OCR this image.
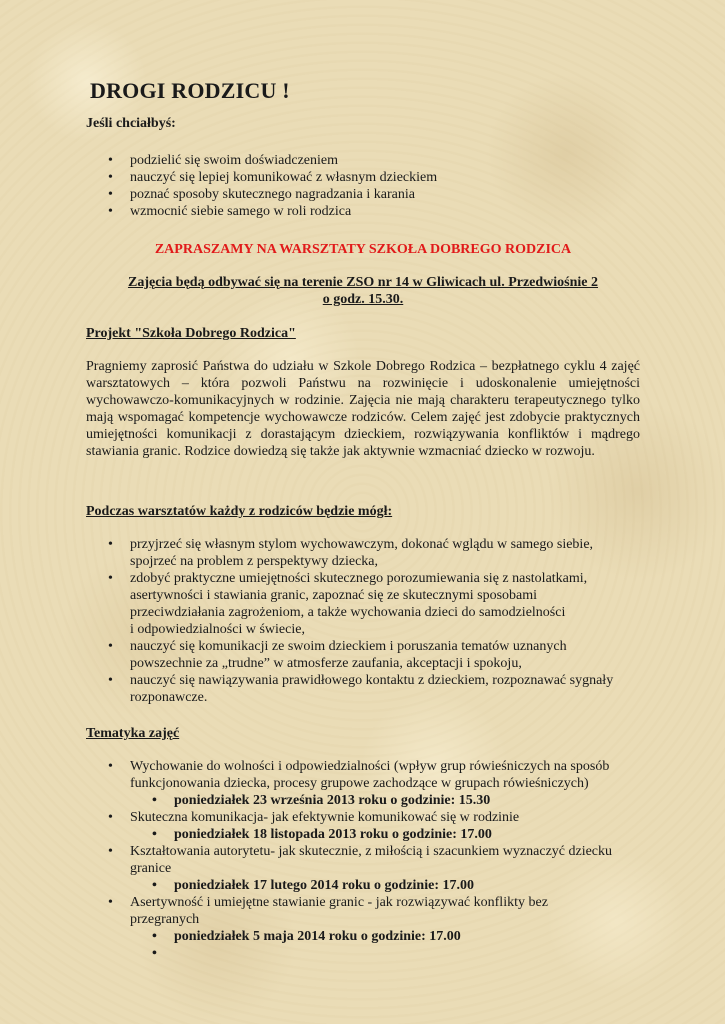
DROGI RODZICU !
Jeśli chciałbyś:
• podzielić się swoim doświadczeniem
• nauczyć się lepiej komunikować z własnym dzieckiem
• poznać sposoby skutecznego nagradzania i karania
• wzmocnić siebie samego w roli rodzica
ZAPRASZAMY NA WARSZTATY SZKOŁA DOBREGO RODZICA
Zajęcia będą odbywać się na terenie ZSO nr 14 w Gliwicach ul. Przedwiośnie 2
o godz. 15.30.
Projekt "Szkoła Dobrego Rodzica"
Pragniemy zaprosić Państwa do udziału w Szkole Dobrego Rodzica – bezpłatnego cyklu 4 zajęć warsztatowych – która pozwoli Państwu na rozwinięcie i udoskonalenie umiejętności wychowawczo-komunikacyjnych w rodzinie. Zajęcia nie mają charakteru terapeutycznego tylko mają wspomagać kompetencje wychowawcze rodziców. Celem zajęć jest zdobycie praktycznych umiejętności komunikacji z dorastającym dzieckiem, rozwiązywania konfliktów i mądrego stawiania granic. Rodzice dowiedzą się także jak aktywnie wzmacniać dziecko w rozwoju.
Podczas warsztatów każdy z rodziców będzie mógł:
• przyjrzeć się własnym stylom wychowawczym, dokonać wglądu w samego siebie,
spojrzeć na problem z perspektywy dziecka,
• zdobyć praktyczne umiejętności skutecznego porozumiewania się z nastolatkami,
asertywności i stawiania granic, zapoznać się ze skutecznymi sposobami
przeciwdziałania zagrożeniom, a także wychowania dzieci do samodzielności
i odpowiedzialności w świecie,
• nauczyć się komunikacji ze swoim dzieckiem i poruszania tematów uznanych
powszechnie za „trudne” w atmosferze zaufania, akceptacji i spokoju,
• nauczyć się nawiązywania prawidłowego kontaktu z dzieckiem, rozpoznawać sygnały
rozponawcze.
Tematyka zajęć
• Wychowanie do wolności i odpowiedzialności (wpływ grup rówieśniczych na sposób
funkcjonowania dziecka, procesy grupowe zachodzące w grupach rówieśniczych)
• poniedziałek 23 września 2013 roku o godzinie: 15.30
• Skuteczna komunikacja- jak efektywnie komunikować się w rodzinie
• poniedziałek 18 listopada 2013 roku o godzinie: 17.00
• Kształtowania autorytetu- jak skutecznie, z miłością i szacunkiem wyznaczyć dziecku
granice
• poniedziałek 17 lutego 2014 roku o godzinie: 17.00
• Asertywność i umiejętne stawianie granic - jak rozwiązywać konflikty bez
przegranych
• poniedziałek 5 maja 2014 roku o godzinie: 17.00
•
